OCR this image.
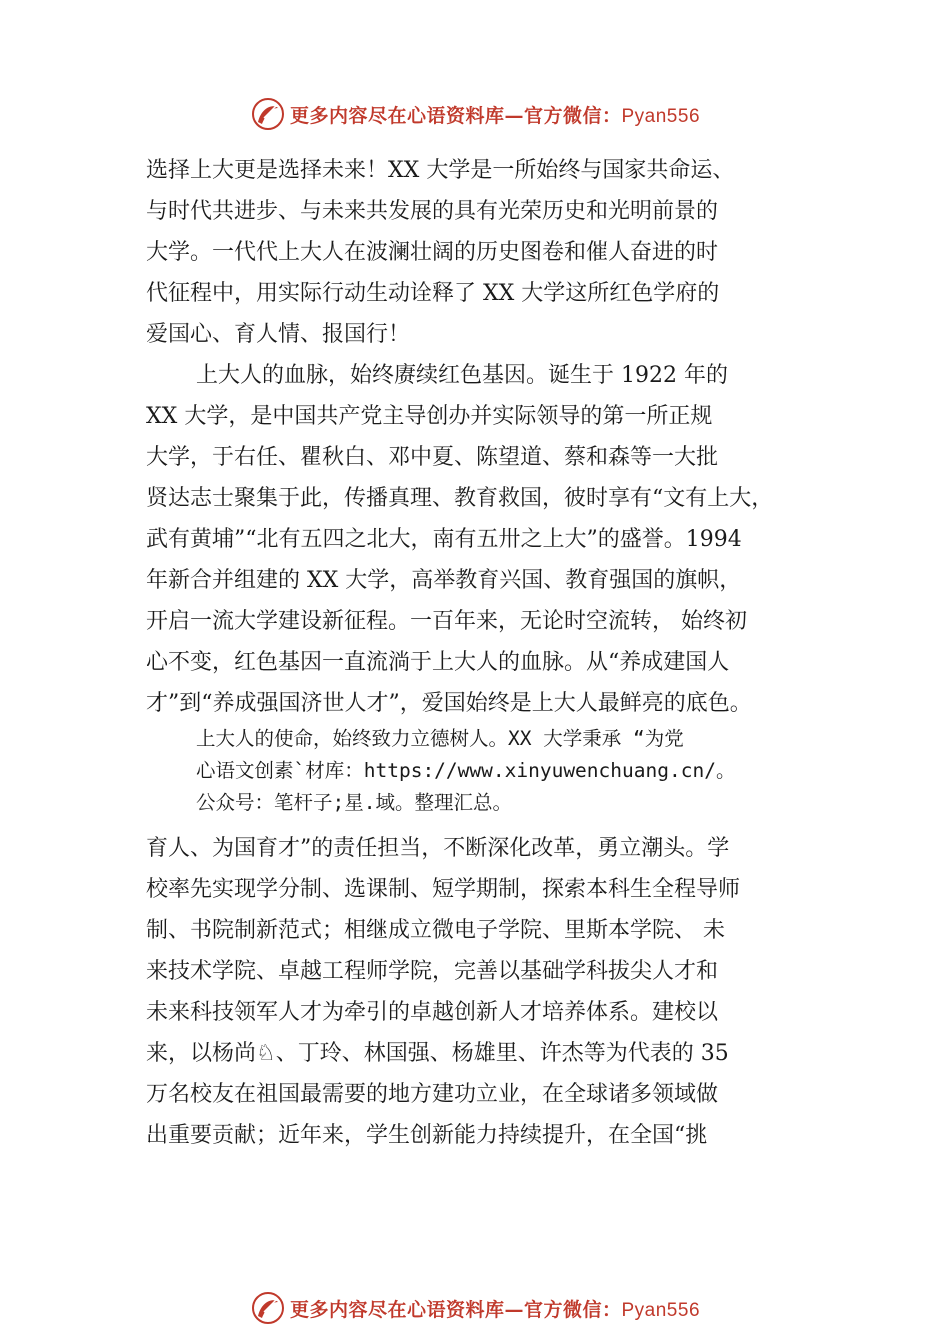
更多内容尽在心语资料库—官方微信：Pyan556
选择上大更是选择未来！XX 大学是一所始终与国家共命运、
与时代共进步、与未来共发展的具有光荣历史和光明前景的
大学。一代代上大人在波澜壮阔的历史图卷和催人奋进的时
代征程中，用实际行动生动诠释了 XX 大学这所红色学府的
爱国心、育人情、报国行！
上大人的血脉，始终赓续红色基因。诞生于 1922 年的
XX 大学，是中国共产党主导创办并实际领导的第一所正规
大学，于右任、瞿秋白、邓中夏、陈望道、蔡和森等一大批
贤达志士聚集于此，传播真理、教育救国，彼时享有“文有上大，
武有黄埔”“北有五四之北大，南有五卅之上大”的盛誉。1994
年新合并组建的 XX 大学，高举教育兴国、教育强国的旗帜，
开启一流大学建设新征程。一百年来，无论时空流转， 始终初
心不变，红色基因一直流淌于上大人的血脉。从“养成建国人
才”到“养成强国济世人才”，爱国始终是上大人最鲜亮的底色。
上大人的使命，始终致力立德树人。XX 大学秉承 “为党
心语文创素`材库：https://www.xinyuwenchuang.cn/。
公众号：笔杆子;星.域。整理汇总。
育人、为国育才”的责任担当，不断深化改革，勇立潮头。学
校率先实现学分制、选课制、短学期制，探索本科生全程导师
制、书院制新范式；相继成立微电子学院、里斯本学院、 未
来技术学院、卓越工程师学院，完善以基础学科拔尖人才和
未来科技领军人才为牵引的卓越创新人才培养体系。建校以
来，以杨尚♘、丁玲、林国强、杨雄里、许杰等为代表的 35
万名校友在祖国最需要的地方建功立业，在全球诸多领域做
出重要贡献；近年来，学生创新能力持续提升，在全国“挑
更多内容尽在心语资料库—官方微信：Pyan556
